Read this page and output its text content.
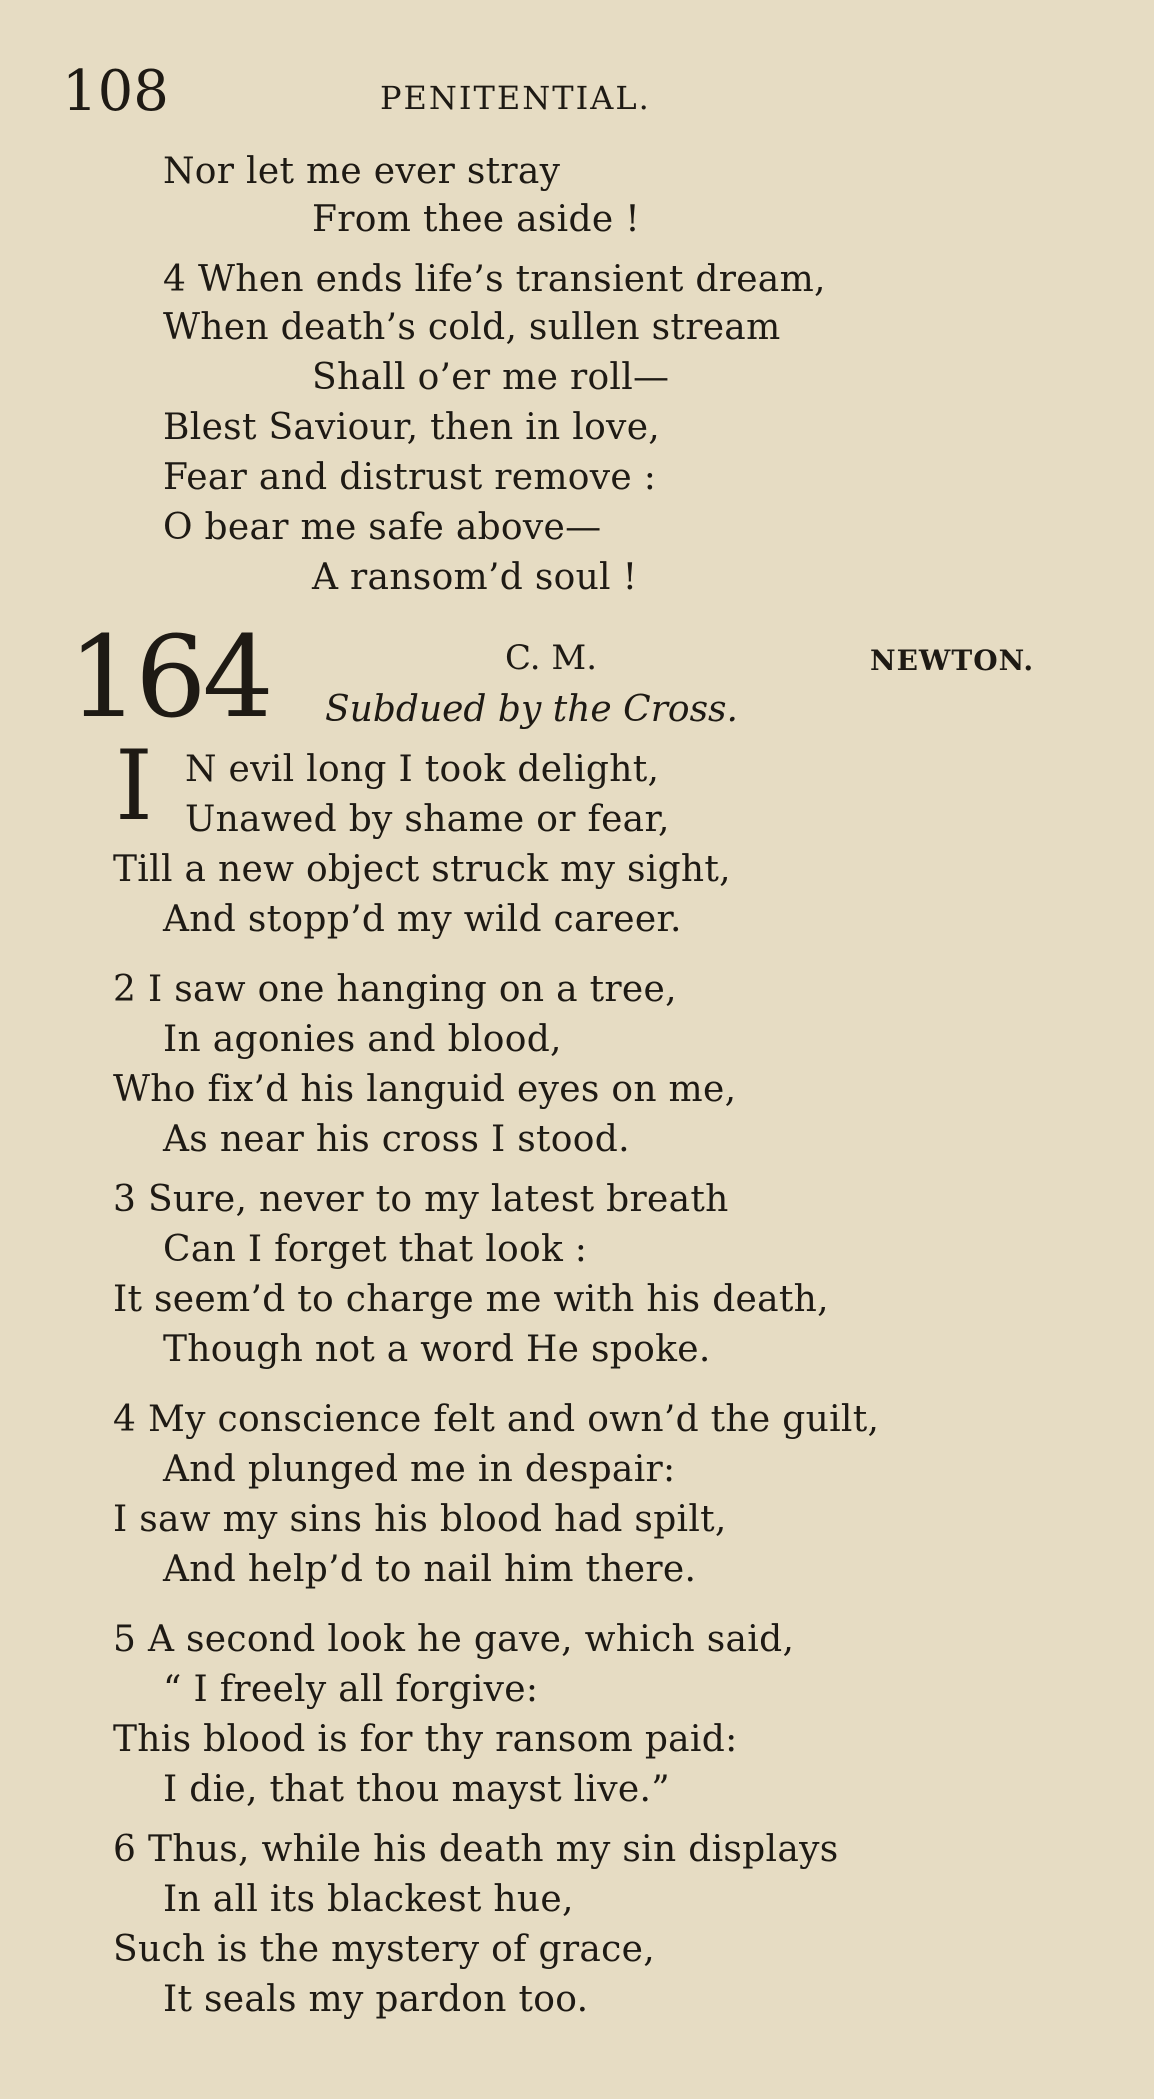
108	PENITENTIAL.
Nor let me ever stray
From thee aside !
4 When ends life’s transient dream,
When death’s cold, sullen stream
Shall o’er me roll—
Blest Saviour, then in love,
Fear and distrust remove :
O bear me safe above—
A ransom’d soul !
164	C. M.	NEWTON.
Subdued by the Cross.
I N evil long I took delight,
Unawed by shame or fear,
Till a new object struck my sight,
And stopp’d my wild career.
2 I saw one hanging on a tree,
In agonies and blood,
Who fix’d his languid eyes on me,
As near his cross I stood.
3 Sure, never to my latest breath
Can I forget that look :
It seem’d to charge me with his death,
Though not a word He spoke.
4 My conscience felt and own’d the guilt,
And plunged me in despair:
I saw my sins his blood had spilt,
And help’d to nail him there.
5 A second look he gave, which said,
“ I freely all forgive:
This blood is for thy ransom paid:
I die, that thou mayst live.”
6 Thus, while his death my sin displays
In all its blackest hue,
Such is the mystery of grace,
It seals my pardon too.
